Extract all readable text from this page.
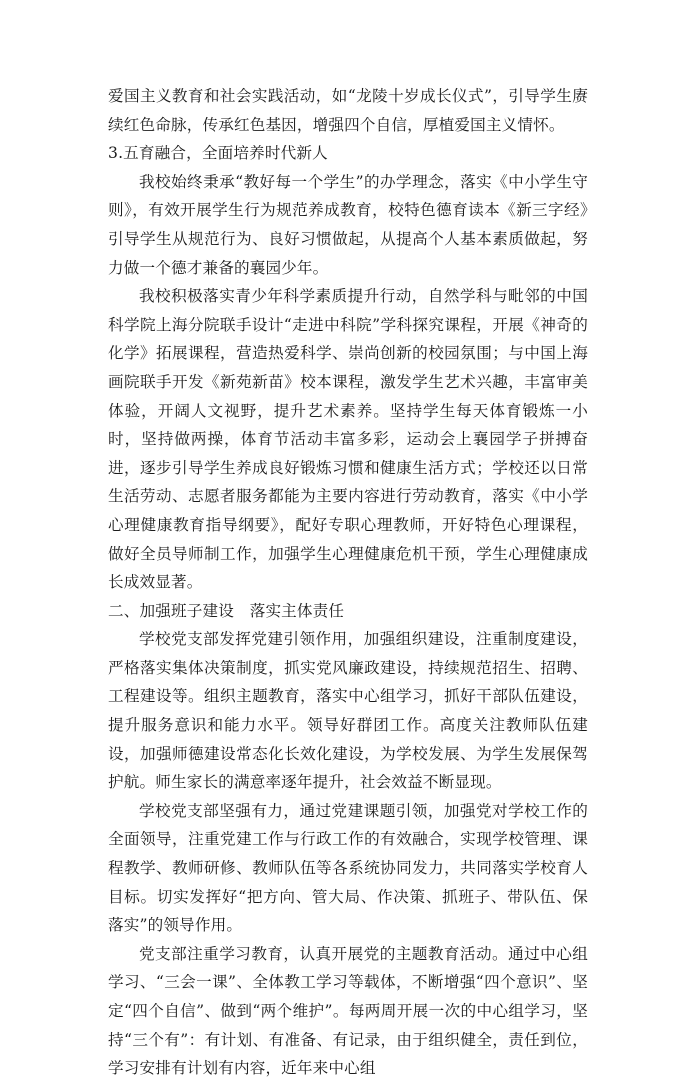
爱国主义教育和社会实践活动，如“龙陵十岁成长仪式”，引导学生赓续红色命脉，传承红色基因，增强四个自信，厚植爱国主义情怀。

3.五育融合，全面培养时代新人

我校始终秉承“教好每一个学生”的办学理念，落实《中小学生守则》，有效开展学生行为规范养成教育，校特色德育读本《新三字经》引导学生从规范行为、良好习惯做起，从提高个人基本素质做起，努力做一个德才兼备的襄园少年。

我校积极落实青少年科学素质提升行动，自然学科与毗邻的中国科学院上海分院联手设计“走进中科院”学科探究课程，开展《神奇的化学》拓展课程，营造热爱科学、崇尚创新的校园氛围；与中国上海画院联手开发《新苑新苗》校本课程，激发学生艺术兴趣，丰富审美体验，开阔人文视野，提升艺术素养。坚持学生每天体育锻炼一小时，坚持做两操，体育节活动丰富多彩，运动会上襄园学子拼搏奋进，逐步引导学生养成良好锻炼习惯和健康生活方式；学校还以日常生活劳动、志愿者服务都能为主要内容进行劳动教育，落实《中小学心理健康教育指导纲要》，配好专职心理教师，开好特色心理课程，做好全员导师制工作，加强学生心理健康危机干预，学生心理健康成长成效显著。

二、加强班子建设　落实主体责任

学校党支部发挥党建引领作用，加强组织建设，注重制度建设，严格落实集体决策制度，抓实党风廉政建设，持续规范招生、招聘、工程建设等。组织主题教育，落实中心组学习，抓好干部队伍建设，提升服务意识和能力水平。领导好群团工作。高度关注教师队伍建设，加强师德建设常态化长效化建设，为学校发展、为学生发展保驾护航。师生家长的满意率逐年提升，社会效益不断显现。

学校党支部坚强有力，通过党建课题引领，加强党对学校工作的全面领导，注重党建工作与行政工作的有效融合，实现学校管理、课程教学、教师研修、教师队伍等各系统协同发力，共同落实学校育人目标。切实发挥好“把方向、管大局、作决策、抓班子、带队伍、保落实”的领导作用。

党支部注重学习教育，认真开展党的主题教育活动。通过中心组学习、“三会一课”、全体教工学习等载体，不断增强“四个意识”、坚定“四个自信”、做到“两个维护”。每两周开展一次的中心组学习，坚持“三个有”：有计划、有准备、有记录，由于组织健全，责任到位，学习安排有计划有内容，近年来中心组
